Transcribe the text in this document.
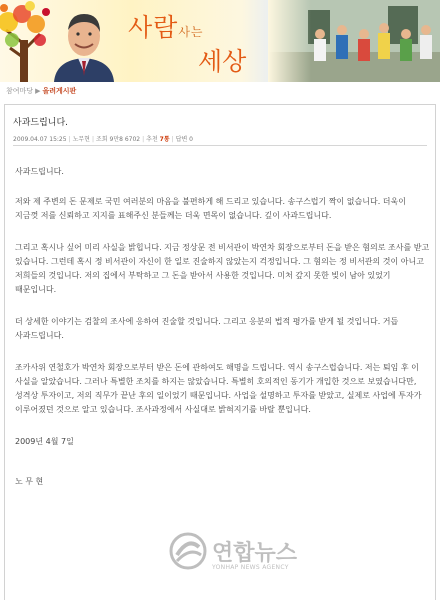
사람사는
세상
참여마당 ▶ 올려게시판
사과드립니다.
2009.04.07 15:25 | 노무현 | 조회 9만8 6702 | 추천 7통 | 답변 0

사과드립니다.

저와 제 주변의 돈 문제로 국민 여러분의 마음을 불편하게 해 드리고 있습니다. 송구스럽기 짝이 없습니다. 더욱이 지금껏 저를 신뢰하고 지지를 표해주신 분들께는 더욱 면목이 없습니다. 깊이 사과드립니다.

그리고 혹시나 싶어 미리 사실을 밝힙니다. 지금 정상문 전 비서관이 박연차 회장으로부터 돈을 받은 혐의로 조사를 받고 있습니다. 그런데 혹시 정 비서관이 자신이 한 일로 진술하지 않았는지 걱정입니다. 그 혐의는 정 비서관의 것이 아니고 저희들의 것입니다. 저의 집에서 부탁하고 그 돈을 받아서 사용한 것입니다. 미처 갚지 못한 빚이 남아 있었기 때문입니다.

더 상세한 이야기는 검찰의 조사에 응하여 진술할 것입니다. 그리고 응분의 법적 평가를 받게 될 것입니다. 거듭 사과드립니다.

조카사위 연철호가 박연차 회장으로부터 받은 돈에 관하여도 해명을 드립니다. 역시 송구스럽습니다. 저는 퇴임 후 이 사실을 알았습니다. 그러나 특별한 조치를 하지는 않았습니다. 특별히 호의적인 동기가 개입한 것으로 보였습니다만, 성격상 투자이고, 저의 직무가 끝난 후의 일이었기 때문입니다. 사업을 설명하고 투자를 받았고, 실제로 사업에 투자가 이루어졌던 것으로 알고 있습니다. 조사과정에서 사실대로 밝혀지기를 바랄 뿐입니다.

2009년 4월 7일

노 무 현

연합뉴스
YONHAP NEWS AGENCY
